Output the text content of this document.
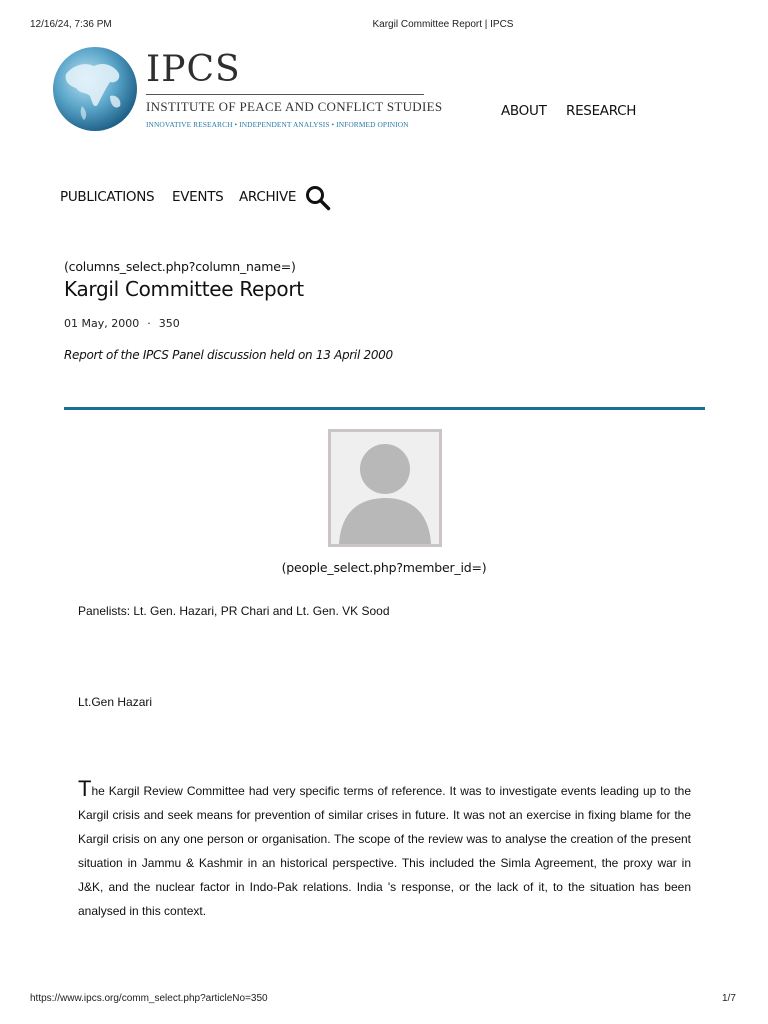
12/16/24, 7:36 PM	Kargil Committee Report | IPCS
IPCS
INSTITUTE OF PEACE AND CONFLICT STUDIES
INNOVATIVE RESEARCH • INDEPENDENT ANALYSIS • INFORMED OPINION
ABOUT RESEARCH
PUBLICATIONS EVENTS ARCHIVE
(columns_select.php?column_name=)
Kargil Committee Report
01 May, 2000 · 350
Report of the IPCS Panel discussion held on 13 April 2000
(people_select.php?member_id=)
Panelists: Lt. Gen. Hazari, PR Chari and Lt. Gen. VK Sood
Lt.Gen Hazari

The Kargil Review Committee had very specific terms of reference. It was to investigate events leading up to the Kargil crisis and seek means for prevention of similar crises in future. It was not an exercise in fixing blame for the Kargil crisis on any one person or organisation. The scope of the review was to analyse the creation of the present situation in Jammu & Kashmir in an historical perspective. This included the Simla Agreement, the proxy war in J&K, and the nuclear factor in Indo-Pak relations. India 's response, or the lack of it, to the situation has been analysed in this context.

https://www.ipcs.org/comm_select.php?articleNo=350	1/7
